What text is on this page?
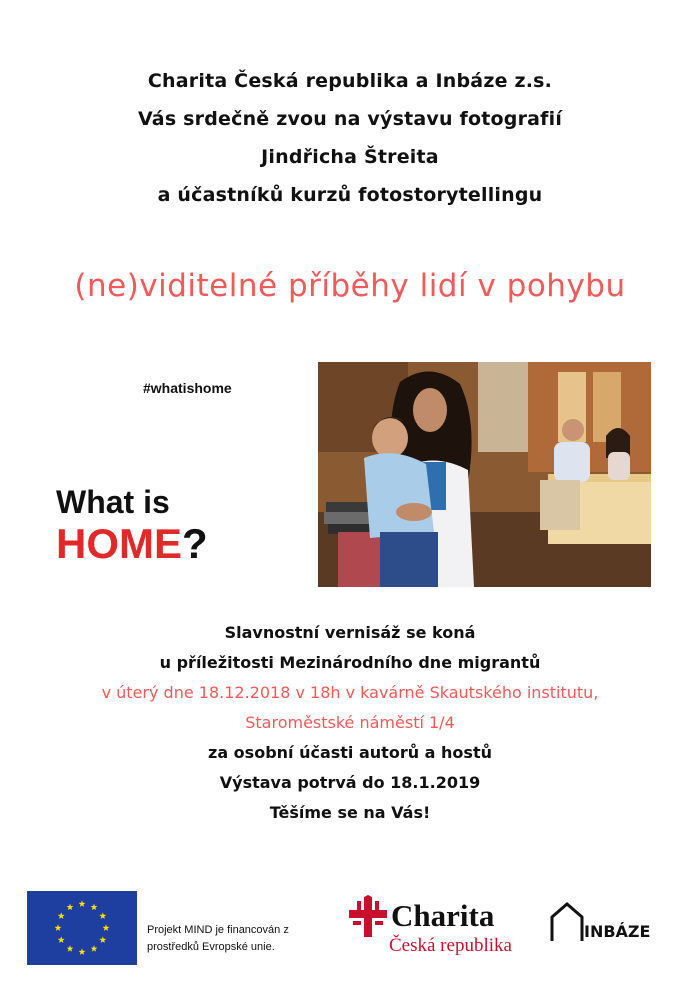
Charita Česká republika a Inbáze z.s.
Vás srdečně zvou na výstavu fotografií
Jindřicha Štreita
a účastníků kurzů fotostorytellingu
(ne)viditelné příběhy lidí v pohybu
#whatishome
What is
HOME?
Slavnostní vernisáž se koná
u příležitosti Mezinárodního dne migrantů
v úterý dne 18.12.2018 v 18h v kavárně Skautského institutu,
Staroměstské náměstí 1/4
za osobní účasti autorů a hostů
Výstava potrvá do 18.1.2019
Těšíme se na Vás!
Projekt MIND je financován z
prostředků Evropské unie.
Charita
Česká republika
INBÁZE
